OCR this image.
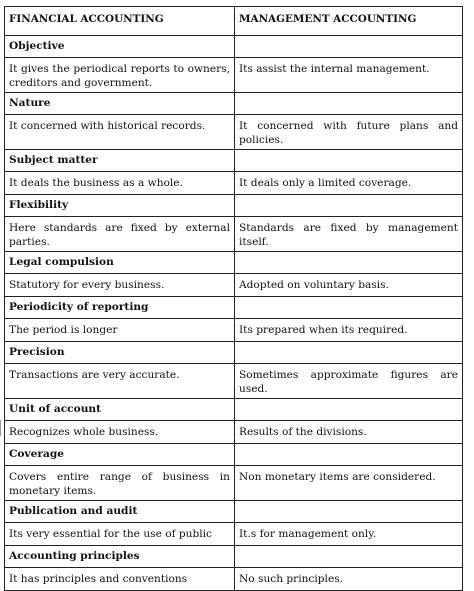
FINANCIAL ACCOUNTING	MANAGEMENT ACCOUNTING
Objective	
It gives the periodical reports to owners, creditors and government.	Its assist the internal management.
Nature	
It concerned with historical records.	It concerned with future plans and policies.
Subject matter	
It deals the business as a whole.	It deals only a limited coverage.
Flexibility	
Here standards are fixed by external parties.	Standards are fixed by management itself.
Legal compulsion	
Statutory for every business.	Adopted on voluntary basis.
Periodicity of reporting	
The period is longer	Its prepared when its required.
Precision	
Transactions are very accurate.	Sometimes approximate figures are used.
Unit of account	
Recognizes whole business.	Results of the divisions.
Coverage	
Covers entire range of business in monetary items.	Non monetary items are considered.
Publication and audit	
Its very essential for the use of public	It.s for management only.
Accounting principles	
It has principles and conventions	No such principles.
